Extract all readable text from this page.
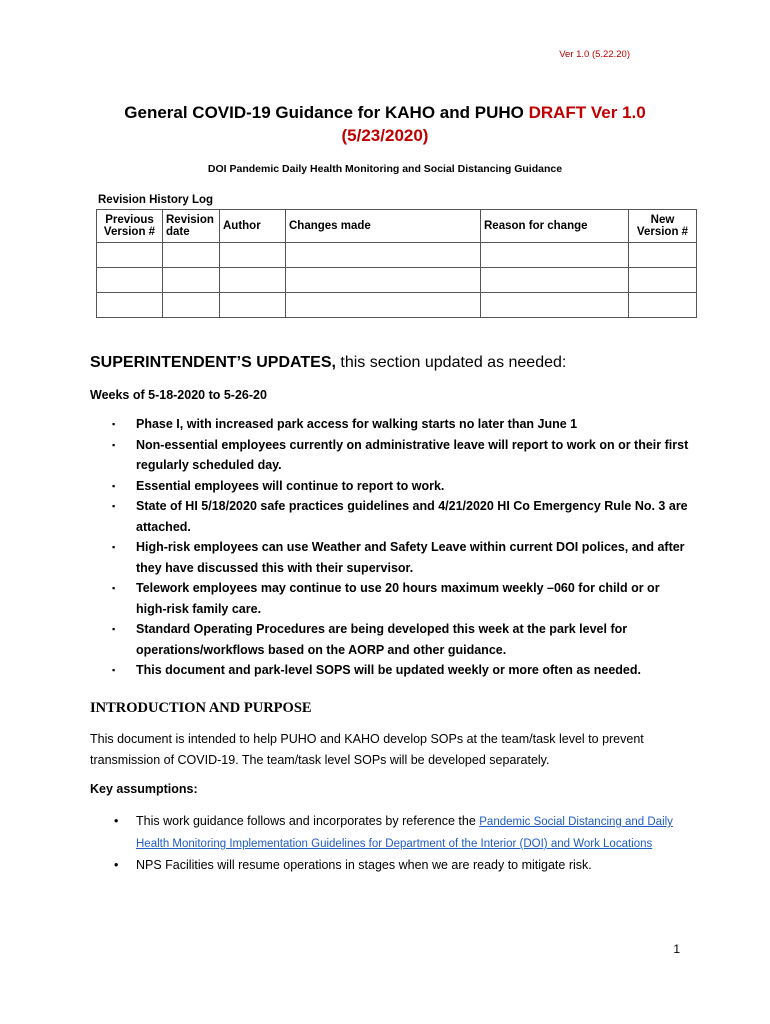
Ver 1.0 (5.22.20)
General COVID-19 Guidance for KAHO and PUHO DRAFT Ver 1.0
(5/23/2020)
DOI Pandemic Daily Health Monitoring and Social Distancing Guidance
Revision History Log
Previous Version #	Revision date	Author	Changes made	Reason for change	New Version #

SUPERINTENDENT’S UPDATES, this section updated as needed:
Weeks of 5-18-2020 to 5-26-20
▪ Phase I, with increased park access for walking starts no later than June 1
▪ Non-essential employees currently on administrative leave will report to work on or their first regularly scheduled day.
▪ Essential employees will continue to report to work.
▪ State of HI 5/18/2020 safe practices guidelines and 4/21/2020 HI Co Emergency Rule No. 3 are attached.
▪ High-risk employees can use Weather and Safety Leave within current DOI polices, and after they have discussed this with their supervisor.
▪ Telework employees may continue to use 20 hours maximum weekly –060 for child or or high-risk family care.
▪ Standard Operating Procedures are being developed this week at the park level for operations/workflows based on the AORP and other guidance.
▪ This document and park-level SOPS will be updated weekly or more often as needed.
INTRODUCTION AND PURPOSE
This document is intended to help PUHO and KAHO develop SOPs at the team/task level to prevent transmission of COVID-19. The team/task level SOPs will be developed separately.
Key assumptions:
• This work guidance follows and incorporates by reference the Pandemic Social Distancing and Daily Health Monitoring Implementation Guidelines for Department of the Interior (DOI) and Work Locations
• NPS Facilities will resume operations in stages when we are ready to mitigate risk.
1
